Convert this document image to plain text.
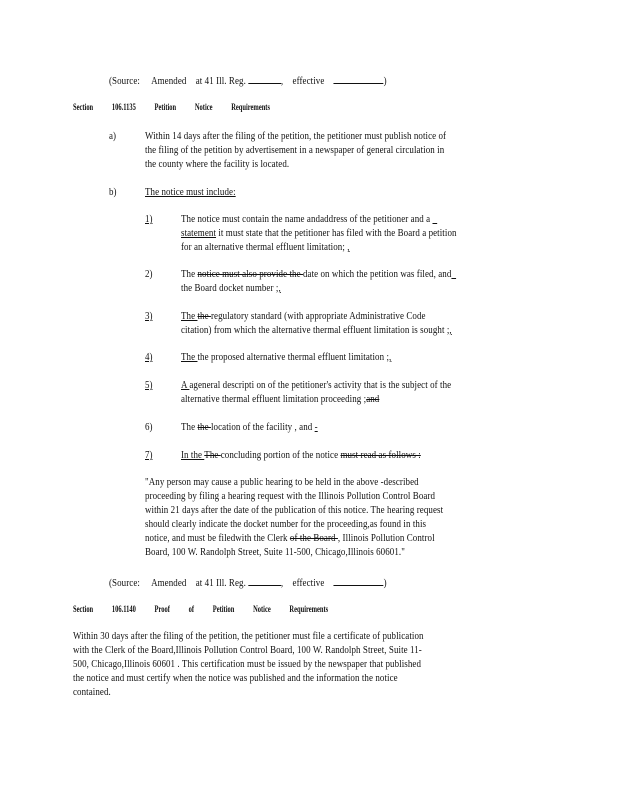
(Source: Amended at 41 Ill. Reg.	,    effective	)
Section 106.1135 Petition Notice Requirements
a)	Within 14 days after the filing of the petition, the petitioner must publish notice of
the filing of the petition by advertisement in a newspaper of general circulation in
the county where the facility is located.
b)	The notice must include:
1)	The notice must contain the name andaddress of the petitioner and a
statement it must state that the petitioner has filed with the Board a petition
for an alternative thermal effluent limitation; ,
2)	The notice must also provide the date on which the petition was filed, and
the Board docket number ;,
3)	The the regulatory standard (with appropriate Administrative Code
citation) from which the alternative thermal effluent limitation is sought ;,
4)	The the proposed alternative thermal effluent limitation ;,
5)	A ageneral descripti on of the petitioner's activity that is the subject of the
alternative thermal effluent limitation proceeding ;and
6)	The the location of the facility , and -
7)	In the The concluding portion of the notice must read as follows :
"Any person may cause a public hearing to be held in the above -described
proceeding by filing a hearing request with the Illinois Pollution Control Board
within 21 days after the date of the publication of this notice. The hearing request
should clearly indicate the docket number for the proceeding,as found in this
notice, and must be filedwith the Clerk of the Board , Illinois Pollution Control
Board, 100 W. Randolph Street, Suite 11-500, Chicago,Illinois 60601."
(Source: Amended at 41 Ill. Reg.	,    effective	)
Section 106.1140 Proof of Petition Notice Requirements
Within 30 days after the filing of the petition, the petitioner must file a certificate of publication
with the Clerk of the Board,Illinois Pollution Control Board, 100 W. Randolph Street, Suite 11-
500, Chicago,Illinois 60601 . This certification must be issued by the newspaper that published
the notice and must certify when the notice was published and the information the notice
contained.
